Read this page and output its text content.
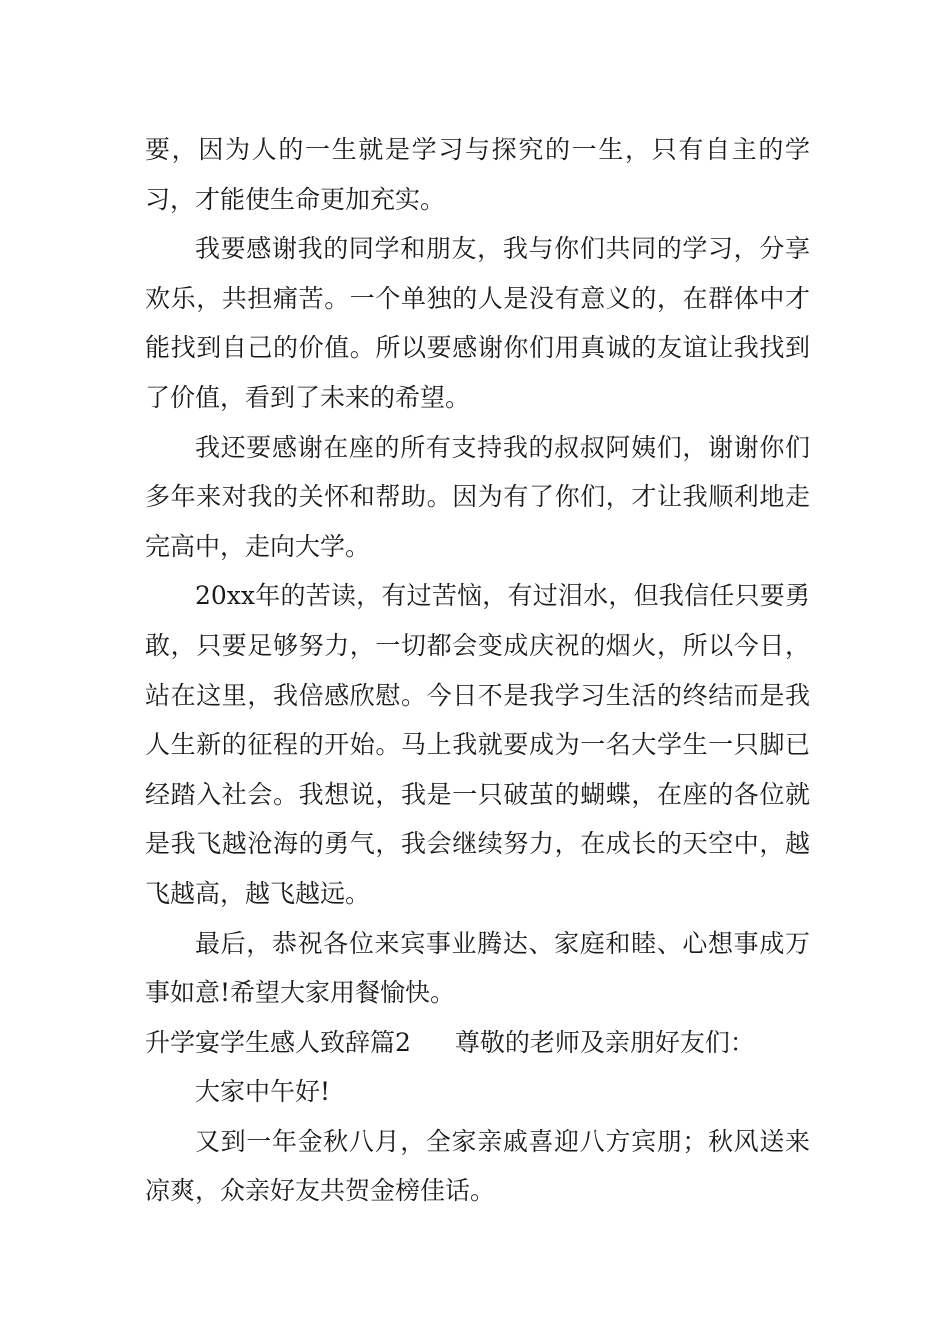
要，因为人的一生就是学习与探究的一生，只有自主的学习，才能使生命更加充实。

我要感谢我的同学和朋友，我与你们共同的学习，分享欢乐，共担痛苦。一个单独的人是没有意义的，在群体中才能找到自己的价值。所以要感谢你们用真诚的友谊让我找到了价值，看到了未来的希望。

我还要感谢在座的所有支持我的叔叔阿姨们，谢谢你们多年来对我的关怀和帮助。因为有了你们，才让我顺利地走完高中，走向大学。

20xx年的苦读，有过苦恼，有过泪水，但我信任只要勇敢，只要足够努力，一切都会变成庆祝的烟火，所以今日，站在这里，我倍感欣慰。今日不是我学习生活的终结而是我人生新的征程的开始。马上我就要成为一名大学生一只脚已经踏入社会。我想说，我是一只破茧的蝴蝶，在座的各位就是我飞越沧海的勇气，我会继续努力，在成长的天空中，越飞越高，越飞越远。

最后，恭祝各位来宾事业腾达、家庭和睦、心想事成万事如意!希望大家用餐愉快。

升学宴学生感人致辞篇2 尊敬的老师及亲朋好友们：

大家中午好!

又到一年金秋八月，全家亲戚喜迎八方宾朋；秋风送来凉爽，众亲好友共贺金榜佳话。
